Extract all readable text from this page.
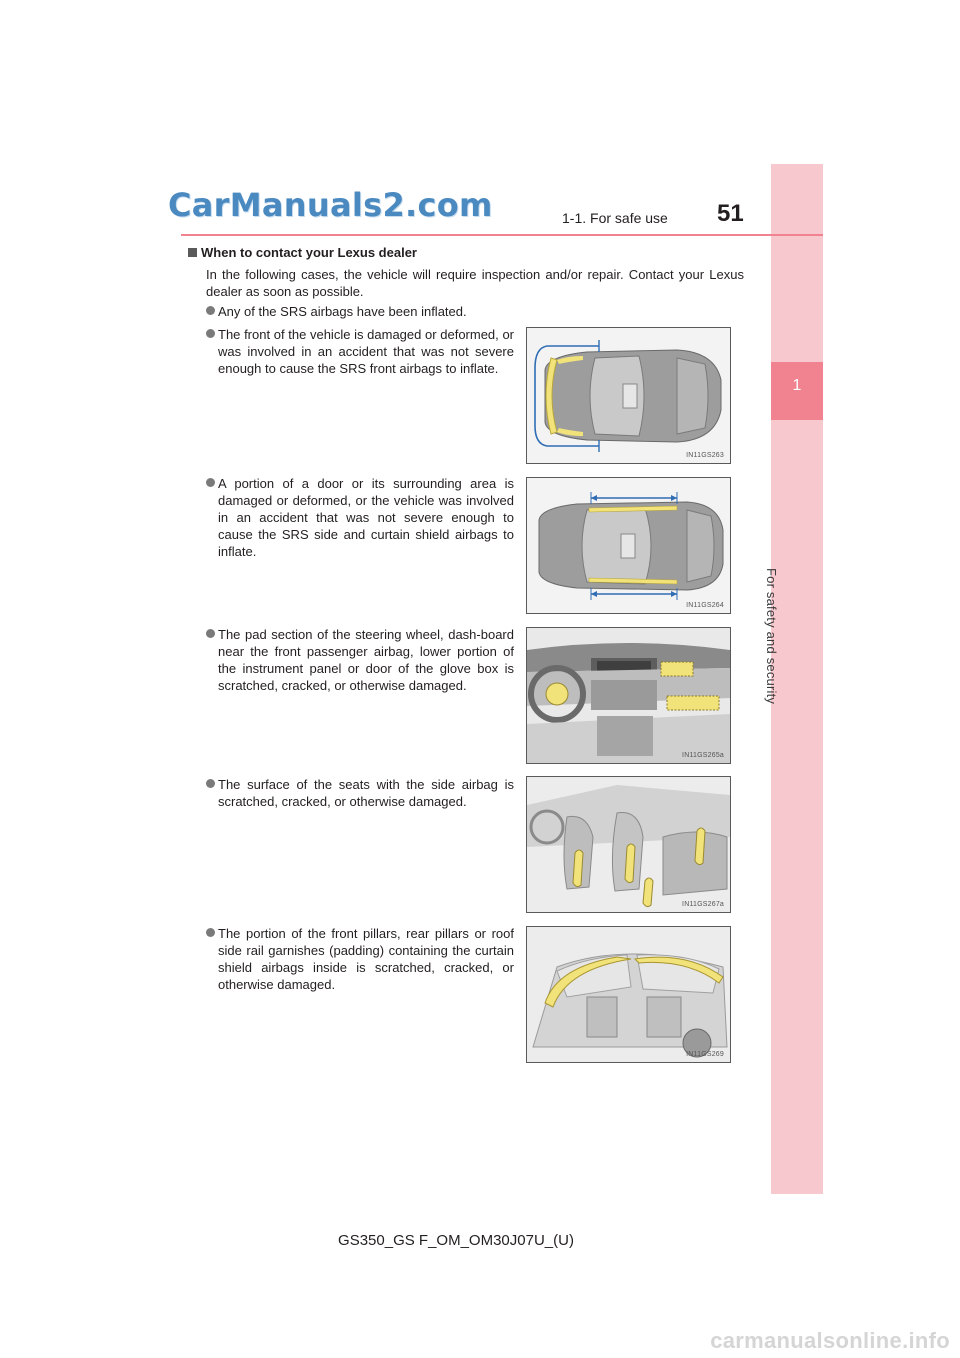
1
For safety and security
CarManuals2.com	1-1. For safe use 51
When to contact your Lexus dealer
In the following cases, the vehicle will require inspection and/or repair. Contact your Lexus dealer as soon as possible.
Any of the SRS airbags have been inflated.
The front of the vehicle is damaged or deformed, or was involved in an accident that was not severe enough to cause the SRS front airbags to inflate.
IN11GS263
A portion of a door or its surrounding area is damaged or deformed, or the vehicle was involved in an accident that was not severe enough to cause the SRS side and curtain shield airbags to inflate.
IN11GS264
The pad section of the steering wheel, dash-board near the front passenger airbag, lower portion of the instrument panel or door of the glove box is scratched, cracked, or otherwise damaged.
IN11GS265a
The surface of the seats with the side airbag is scratched, cracked, or otherwise damaged.
IN11GS267a
The portion of the front pillars, rear pillars or roof side rail garnishes (padding) containing the curtain shield airbags inside is scratched, cracked, or otherwise damaged.
IN11GS269
GS350_GS F_OM_OM30J07U_(U)
carmanualsonline.info
